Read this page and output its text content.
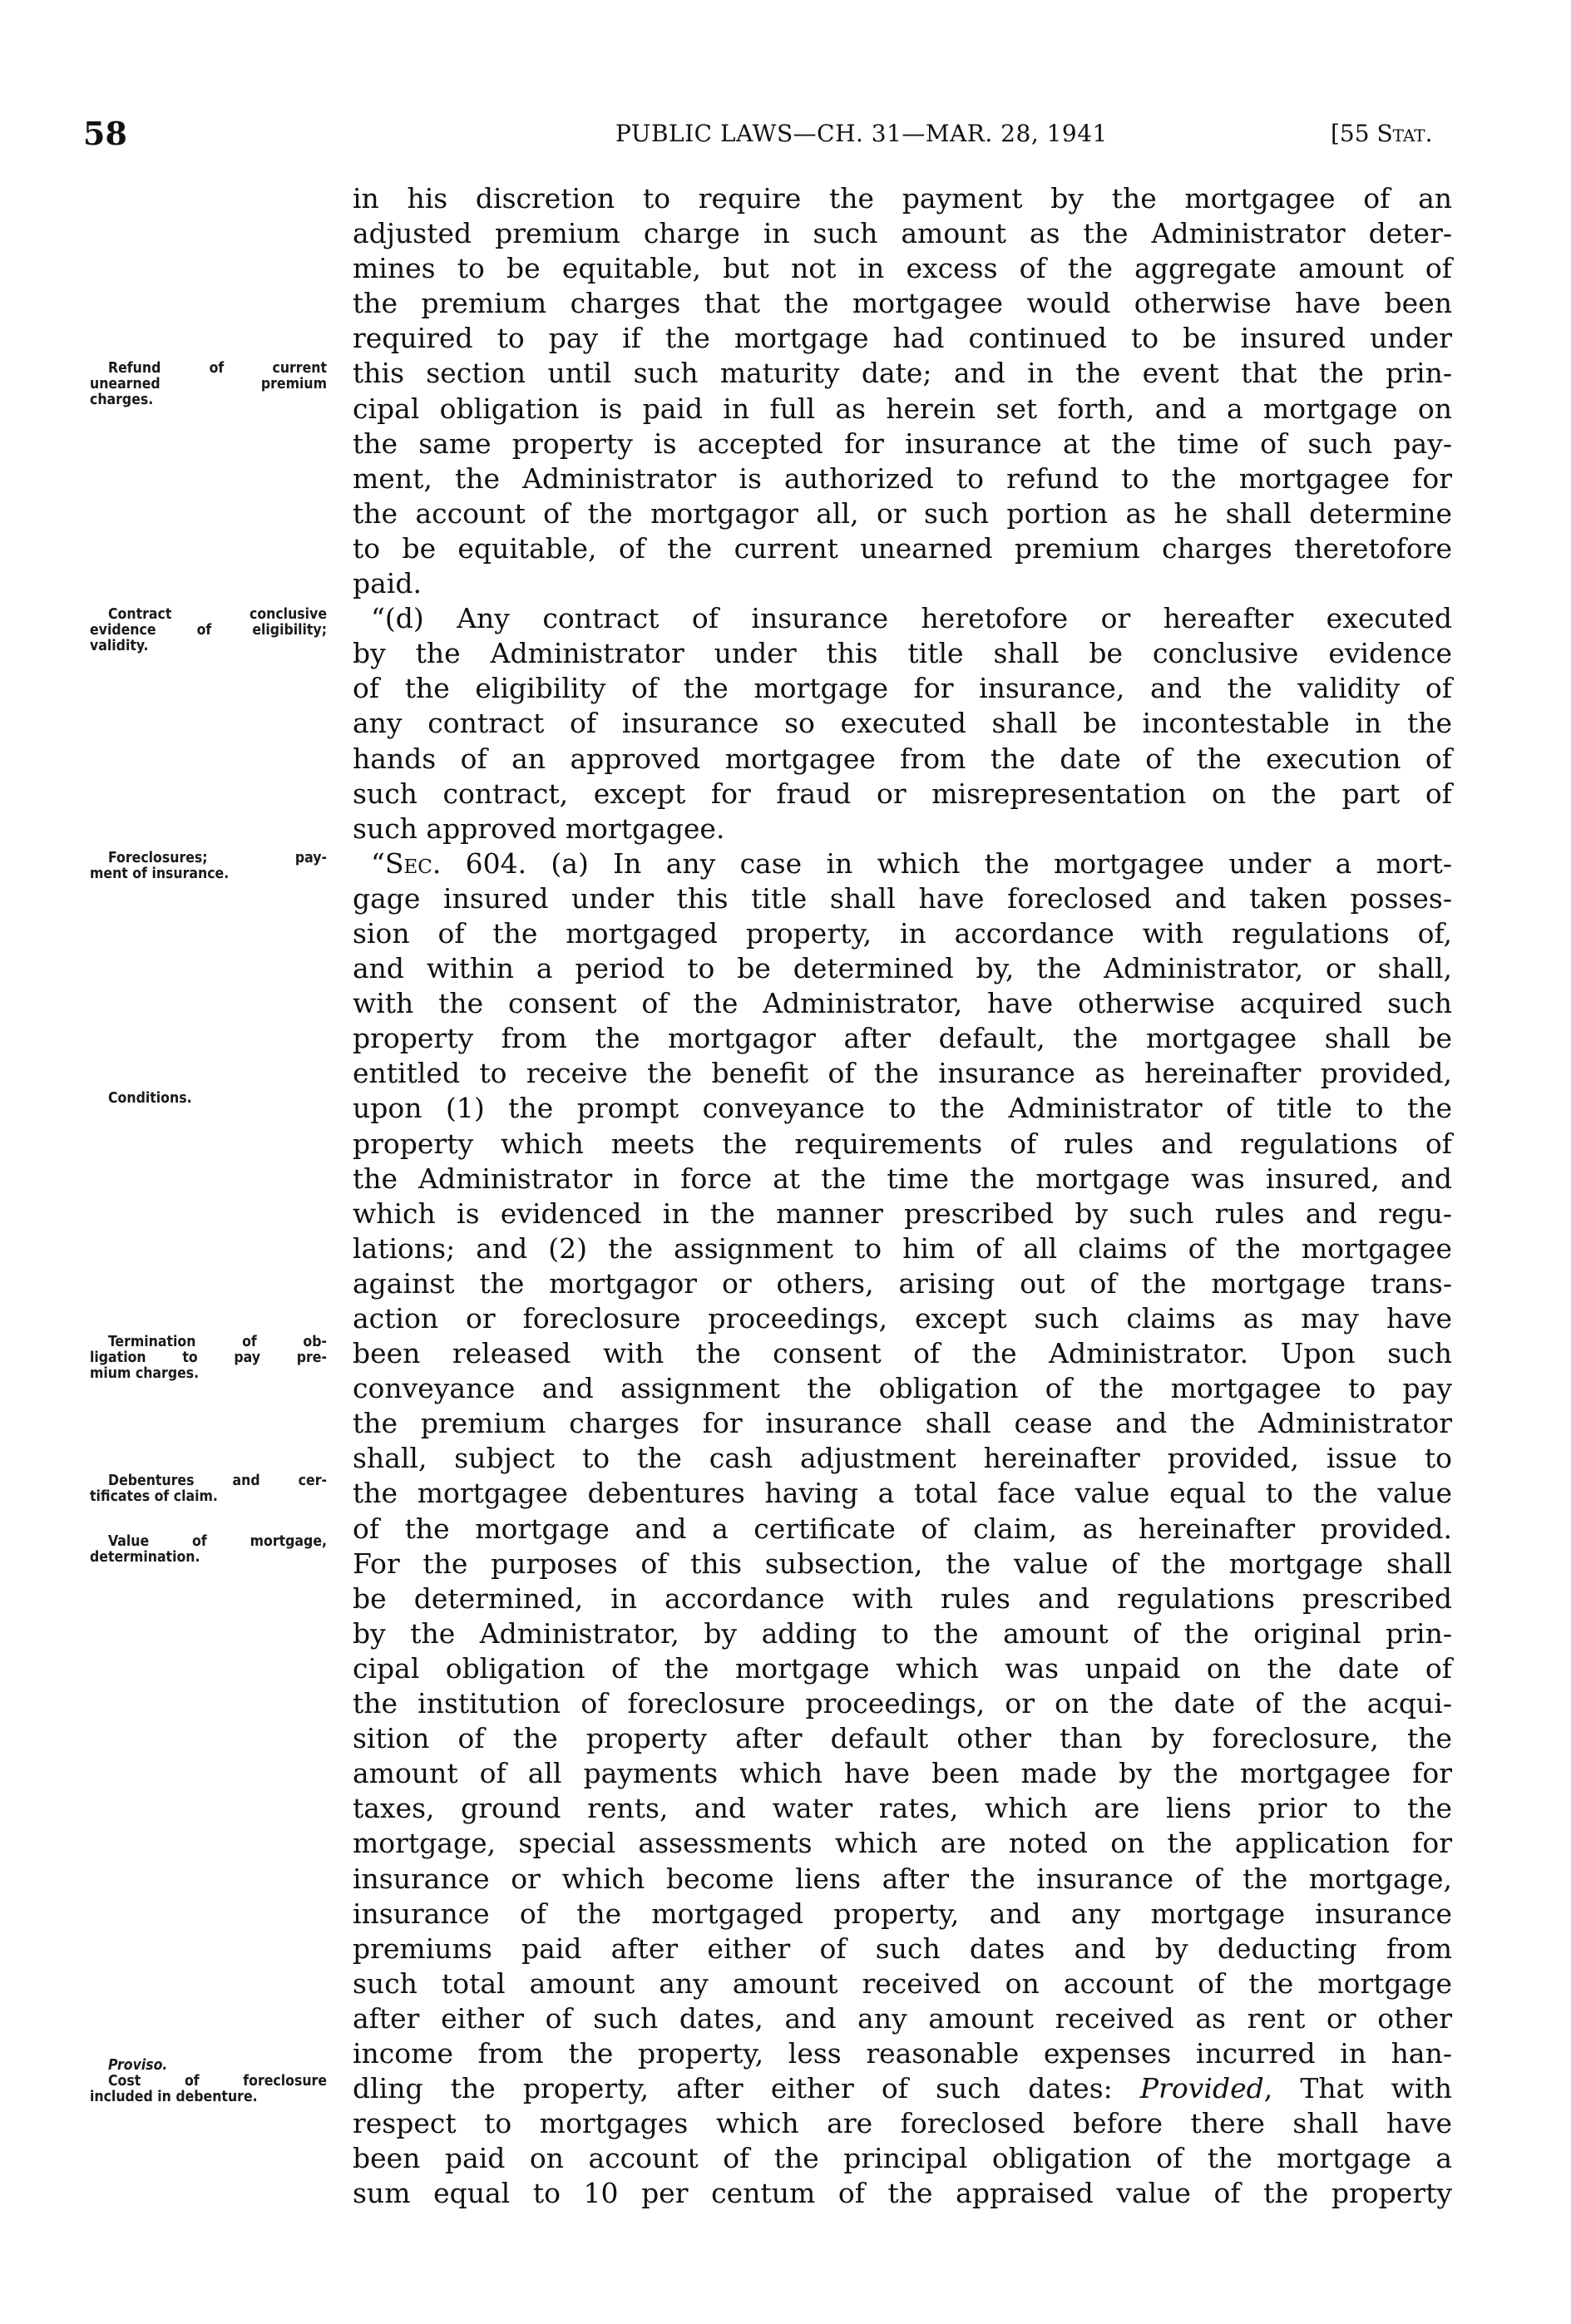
58	PUBLIC LAWS—CH. 31—MAR. 28, 1941	[55 Stat.
Refund of current
unearned premium
charges.
Contract conclusive
evidence of eligibility;
validity.
Foreclosures; pay-
ment of insurance.
Conditions.
Termination of ob-
ligation to pay pre-
mium charges.
Debentures and cer-
tificates of claim.
Value of mortgage,
determination.
Proviso.
Cost of foreclosure
included in debenture.
in his discretion to require the payment by the mortgagee of an
adjusted premium charge in such amount as the Administrator deter-
mines to be equitable, but not in excess of the aggregate amount of
the premium charges that the mortgagee would otherwise have been
required to pay if the mortgage had continued to be insured under
this section until such maturity date; and in the event that the prin-
cipal obligation is paid in full as herein set forth, and a mortgage on
the same property is accepted for insurance at the time of such pay-
ment, the Administrator is authorized to refund to the mortgagee for
the account of the mortgagor all, or such portion as he shall determine
to be equitable, of the current unearned premium charges theretofore
paid.
“(d) Any contract of insurance heretofore or hereafter executed
by the Administrator under this title shall be conclusive evidence
of the eligibility of the mortgage for insurance, and the validity of
any contract of insurance so executed shall be incontestable in the
hands of an approved mortgagee from the date of the execution of
such contract, except for fraud or misrepresentation on the part of
such approved mortgagee.
“Sec. 604. (a) In any case in which the mortgagee under a mort-
gage insured under this title shall have foreclosed and taken posses-
sion of the mortgaged property, in accordance with regulations of,
and within a period to be determined by, the Administrator, or shall,
with the consent of the Administrator, have otherwise acquired such
property from the mortgagor after default, the mortgagee shall be
entitled to receive the benefit of the insurance as hereinafter provided,
upon (1) the prompt conveyance to the Administrator of title to the
property which meets the requirements of rules and regulations of
the Administrator in force at the time the mortgage was insured, and
which is evidenced in the manner prescribed by such rules and regu-
lations; and (2) the assignment to him of all claims of the mortgagee
against the mortgagor or others, arising out of the mortgage trans-
action or foreclosure proceedings, except such claims as may have
been released with the consent of the Administrator. Upon such
conveyance and assignment the obligation of the mortgagee to pay
the premium charges for insurance shall cease and the Administrator
shall, subject to the cash adjustment hereinafter provided, issue to
the mortgagee debentures having a total face value equal to the value
of the mortgage and a certificate of claim, as hereinafter provided.
For the purposes of this subsection, the value of the mortgage shall
be determined, in accordance with rules and regulations prescribed
by the Administrator, by adding to the amount of the original prin-
cipal obligation of the mortgage which was unpaid on the date of
the institution of foreclosure proceedings, or on the date of the acqui-
sition of the property after default other than by foreclosure, the
amount of all payments which have been made by the mortgagee for
taxes, ground rents, and water rates, which are liens prior to the
mortgage, special assessments which are noted on the application for
insurance or which become liens after the insurance of the mortgage,
insurance of the mortgaged property, and any mortgage insurance
premiums paid after either of such dates and by deducting from
such total amount any amount received on account of the mortgage
after either of such dates, and any amount received as rent or other
income from the property, less reasonable expenses incurred in han-
dling the property, after either of such dates: Provided, That with
respect to mortgages which are foreclosed before there shall have
been paid on account of the principal obligation of the mortgage a
sum equal to 10 per centum of the appraised value of the property
